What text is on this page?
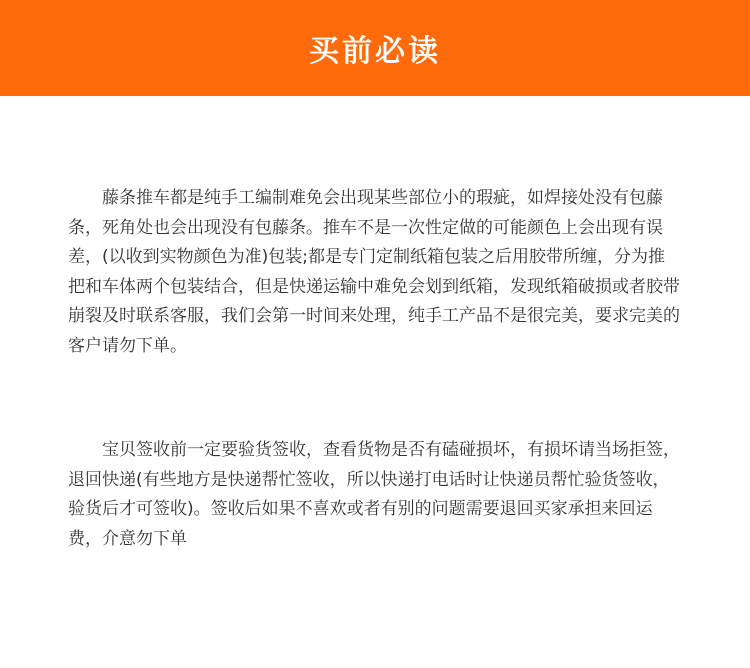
买前必读

藤条推车都是纯手工编制难免会出现某些部位小的瑕疵，如焊接处没有包藤条，死角处也会出现没有包藤条。推车不是一次性定做的可能颜色上会出现有误差，(以收到实物颜色为准)包装;都是专门定制纸箱包装之后用胶带所缠，分为推把和车体两个包装结合，但是快递运输中难免会划到纸箱，发现纸箱破损或者胶带崩裂及时联系客服，我们会第一时间来处理，纯手工产品不是很完美，要求完美的客户请勿下单。

宝贝签收前一定要验货签收，查看货物是否有磕碰损坏，有损坏请当场拒签，退回快递(有些地方是快递帮忙签收，所以快递打电话时让快递员帮忙验货签收，验货后才可签收)。签收后如果不喜欢或者有别的问题需要退回买家承担来回运费，介意勿下单
